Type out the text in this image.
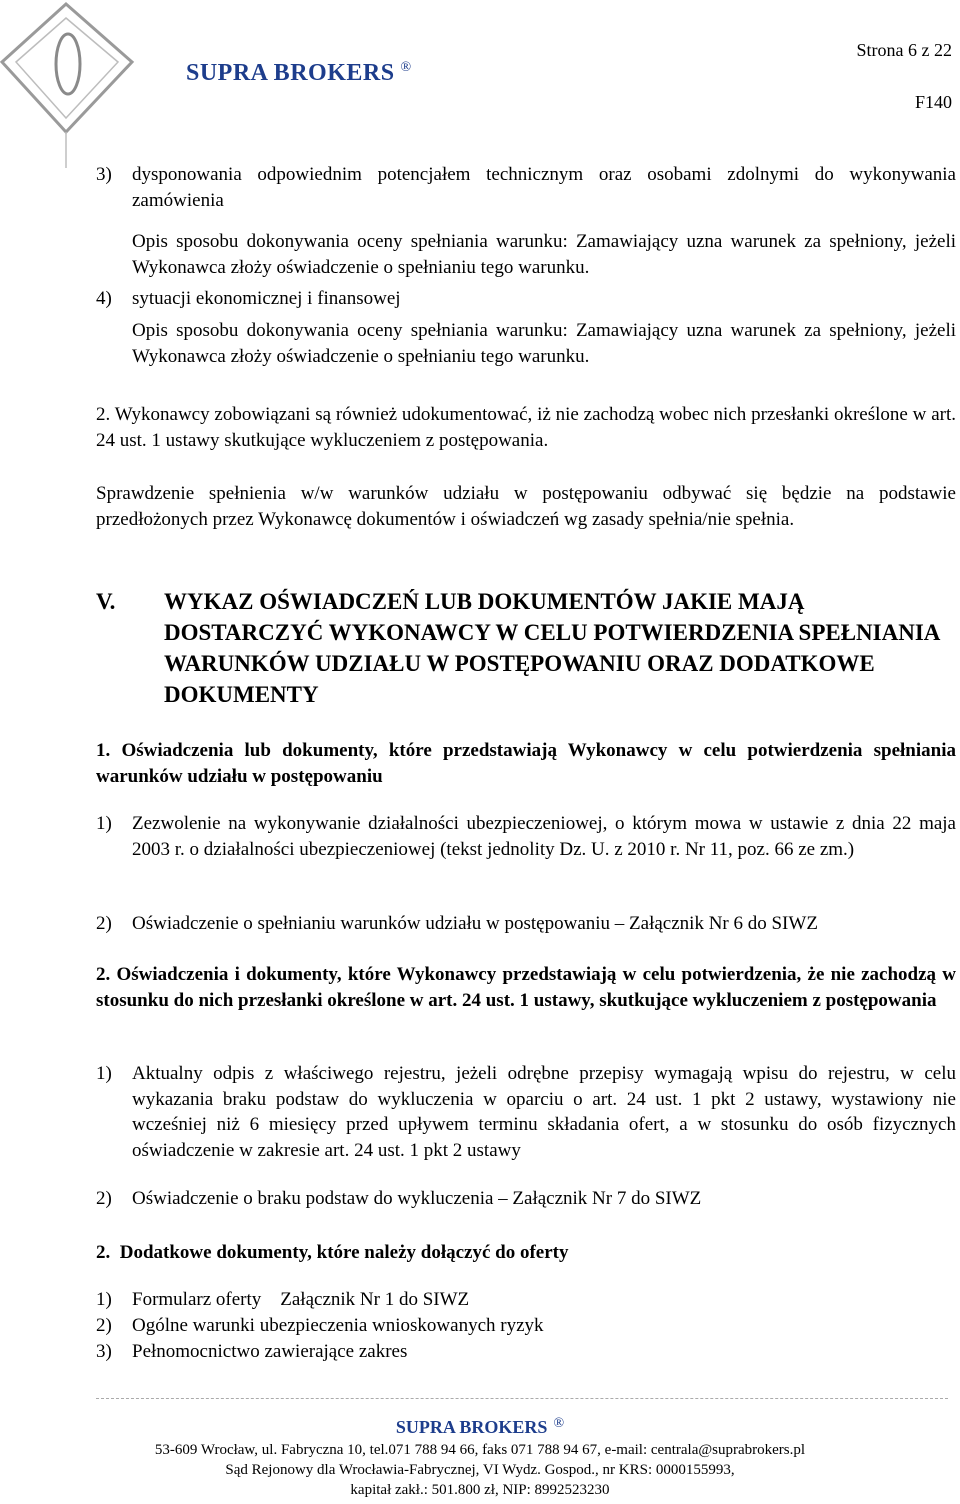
SUPRA BROKERS ®
Strona 6 z 22
F140
3) dysponowania odpowiednim potencjałem technicznym oraz osobami zdolnymi do wykonywania zamówienia
Opis sposobu dokonywania oceny spełniania warunku: Zamawiający uzna warunek za spełniony, jeżeli Wykonawca złoży oświadczenie o spełnianiu tego warunku.
4) sytuacji ekonomicznej i finansowej
Opis sposobu dokonywania oceny spełniania warunku: Zamawiający uzna warunek za spełniony, jeżeli Wykonawca złoży oświadczenie o spełnianiu tego warunku.
2. Wykonawcy zobowiązani są również udokumentować, iż nie zachodzą wobec nich przesłanki określone w art. 24 ust. 1 ustawy skutkujące wykluczeniem z postępowania.
Sprawdzenie spełnienia w/w warunków udziału w postępowaniu odbywać się będzie na podstawie przedłożonych przez Wykonawcę dokumentów i oświadczeń wg zasady spełnia/nie spełnia.
V. WYKAZ OŚWIADCZEŃ LUB DOKUMENTÓW JAKIE MAJĄ DOSTARCZYĆ WYKONAWCY W CELU POTWIERDZENIA SPEŁNIANIA WARUNKÓW UDZIAŁU W POSTĘPOWANIU ORAZ DODATKOWE DOKUMENTY
1. Oświadczenia lub dokumenty, które przedstawiają Wykonawcy w celu potwierdzenia spełniania warunków udziału w postępowaniu
1) Zezwolenie na wykonywanie działalności ubezpieczeniowej, o którym mowa w ustawie z dnia 22 maja 2003 r. o działalności ubezpieczeniowej (tekst jednolity Dz. U. z 2010 r. Nr 11, poz. 66 ze zm.)
2) Oświadczenie o spełnianiu warunków udziału w postępowaniu – Załącznik Nr 6 do SIWZ
2. Oświadczenia i dokumenty, które Wykonawcy przedstawiają w celu potwierdzenia, że nie zachodzą w stosunku do nich przesłanki określone w art. 24 ust. 1 ustawy, skutkujące wykluczeniem z postępowania
1) Aktualny odpis z właściwego rejestru, jeżeli odrębne przepisy wymagają wpisu do rejestru, w celu wykazania braku podstaw do wykluczenia w oparciu o art. 24 ust. 1 pkt 2 ustawy, wystawiony nie wcześniej niż 6 miesięcy przed upływem terminu składania ofert, a w stosunku do osób fizycznych oświadczenie w zakresie art. 24 ust. 1 pkt 2 ustawy
2) Oświadczenie o braku podstaw do wykluczenia – Załącznik Nr 7 do SIWZ
2.  Dodatkowe dokumenty, które należy dołączyć do oferty
1) Formularz oferty    Załącznik Nr 1 do SIWZ
2) Ogólne warunki ubezpieczenia wnioskowanych ryzyk
3) Pełnomocnictwo zawierające zakres
SUPRA BROKERS ®
53-609 Wrocław, ul. Fabryczna 10, tel.071 788 94 66, faks 071 788 94 67, e-mail: centrala@suprabrokers.pl
Sąd Rejonowy dla Wrocławia-Fabrycznej, VI Wydz. Gospod., nr KRS: 0000155993,
kapitał zakł.: 501.800 zł, NIP: 8992523230
